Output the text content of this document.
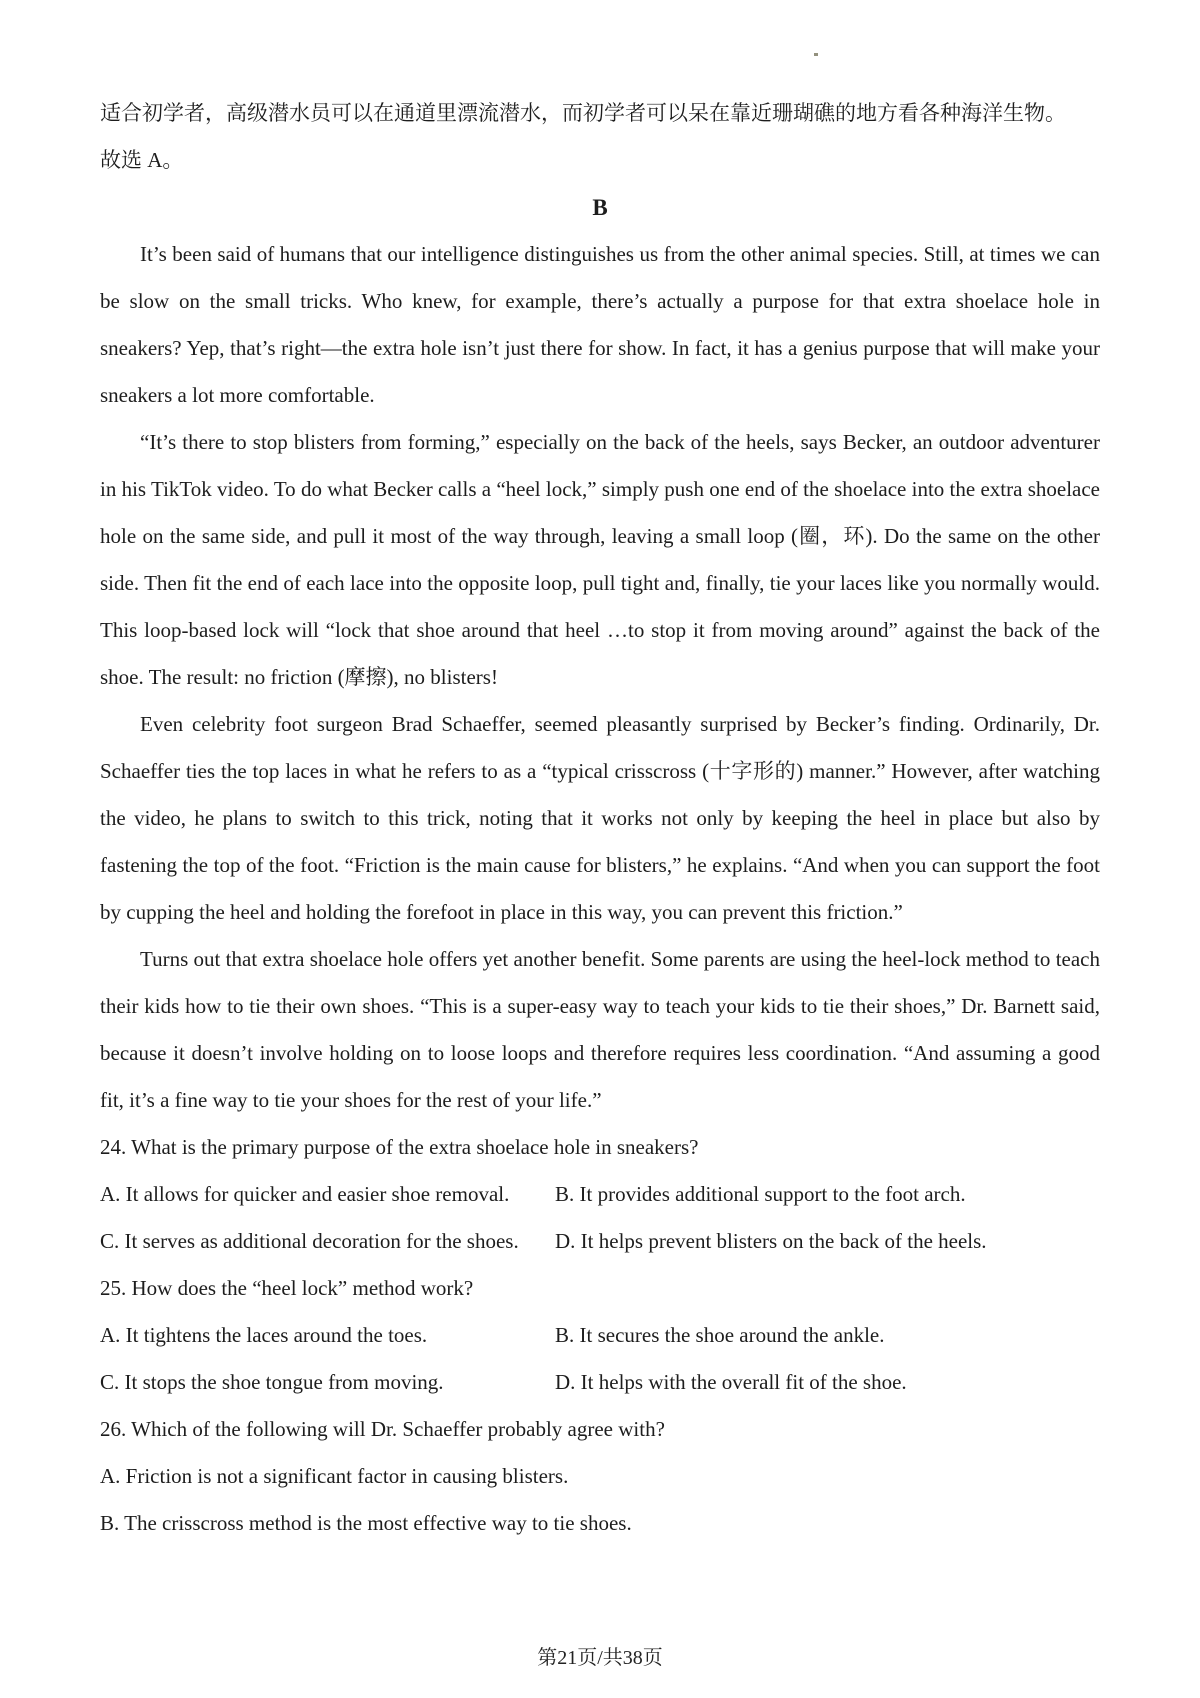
适合初学者，高级潜水员可以在通道里漂流潜水，而初学者可以呆在靠近珊瑚礁的地方看各种海洋生物。

故选 A。

B

It’s been said of humans that our intelligence distinguishes us from the other animal species. Still, at times we can be slow on the small tricks. Who knew, for example, there’s actually a purpose for that extra shoelace hole in sneakers? Yep, that’s right—the extra hole isn’t just there for show. In fact, it has a genius purpose that will make your sneakers a lot more comfortable.

“It’s there to stop blisters from forming,” especially on the back of the heels, says Becker, an outdoor adventurer in his TikTok video. To do what Becker calls a “heel lock,” simply push one end of the shoelace into the extra shoelace hole on the same side, and pull it most of the way through, leaving a small loop (圈，环). Do the same on the other side. Then fit the end of each lace into the opposite loop, pull tight and, finally, tie your laces like you normally would. This loop-based lock will “lock that shoe around that heel …to stop it from moving around” against the back of the shoe. The result: no friction (摩擦), no blisters!

Even celebrity foot surgeon Brad Schaeffer, seemed pleasantly surprised by Becker’s finding. Ordinarily, Dr. Schaeffer ties the top laces in what he refers to as a “typical crisscross (十字形的) manner.” However, after watching the video, he plans to switch to this trick, noting that it works not only by keeping the heel in place but also by fastening the top of the foot. “Friction is the main cause for blisters,” he explains. “And when you can support the foot by cupping the heel and holding the forefoot in place in this way, you can prevent this friction.”

Turns out that extra shoelace hole offers yet another benefit. Some parents are using the heel-lock method to teach their kids how to tie their own shoes. “This is a super-easy way to teach your kids to tie their shoes,” Dr. Barnett said, because it doesn’t involve holding on to loose loops and therefore requires less coordination. “And assuming a good fit, it’s a fine way to tie your shoes for the rest of your life.”

24. What is the primary purpose of the extra shoelace hole in sneakers?

A. It allows for quicker and easier shoe removal.	B. It provides additional support to the foot arch.
C. It serves as additional decoration for the shoes.	D. It helps prevent blisters on the back of the heels.

25. How does the “heel lock” method work?

A. It tightens the laces around the toes.	B. It secures the shoe around the ankle.
C. It stops the shoe tongue from moving.	D. It helps with the overall fit of the shoe.

26. Which of the following will Dr. Schaeffer probably agree with?

A. Friction is not a significant factor in causing blisters.

B. The crisscross method is the most effective way to tie shoes.

第21页/共38页
